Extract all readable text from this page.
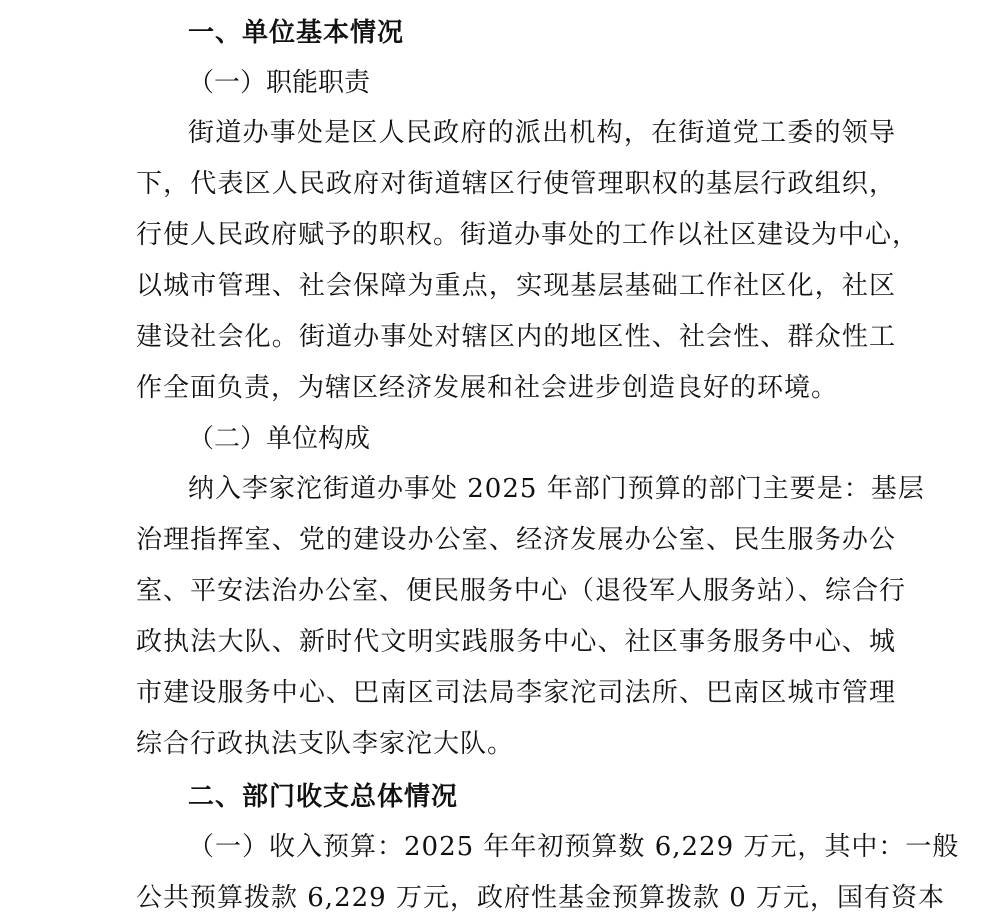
一、单位基本情况
（一）职能职责

街道办事处是区人民政府的派出机构，在街道党工委的领导
下，代表区人民政府对街道辖区行使管理职权的基层行政组织，
行使人民政府赋予的职权。街道办事处的工作以社区建设为中心，
以城市管理、社会保障为重点，实现基层基础工作社区化，社区
建设社会化。街道办事处对辖区内的地区性、社会性、群众性工
作全面负责，为辖区经济发展和社会进步创造良好的环境。

（二）单位构成

纳入李家沱街道办事处 2025 年部门预算的部门主要是：基层
治理指挥室、党的建设办公室、经济发展办公室、民生服务办公
室、平安法治办公室、便民服务中心（退役军人服务站）、综合行
政执法大队、新时代文明实践服务中心、社区事务服务中心、城
市建设服务中心、巴南区司法局李家沱司法所、巴南区城市管理
综合行政执法支队李家沱大队。

二、部门收支总体情况

（一）收入预算：2025 年年初预算数 6,229 万元，其中：一般
公共预算拨款 6,229 万元，政府性基金预算拨款 0 万元，国有资本
